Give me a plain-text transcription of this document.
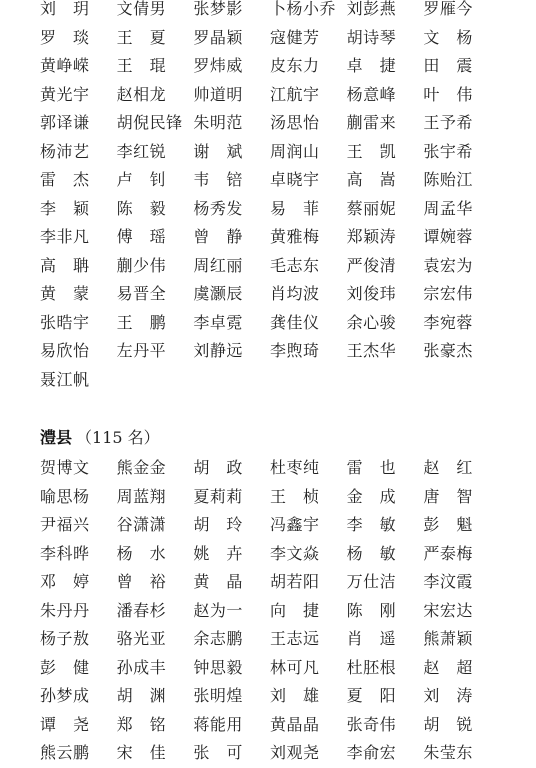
刘　玥	文倩男	张梦影	卜杨小乔 刘彭燕	罗雁今
罗　琰	王　夏	罗晶颖	寇健芳	胡诗琴	文　杨
黄峥嵘	王　琨	罗炜威	皮东力	卓　捷	田　震
黄光宇	赵相龙	帅道明	江航宇	杨意峰	叶　伟
郭译谦	胡倪民锋 朱明范	汤思怡	蒯雷来	王予希
杨沛艺	李红锐	谢　斌	周润山	王　凯	张宇希
雷　杰	卢　钊	韦　锫	卓晓宇	高　嵩	陈贻江
李　颖	陈　毅	杨秀发	易　菲	蔡丽妮	周孟华
李非凡	傅　瑶	曾　静	黄雅梅	郑颖涛	谭婉蓉
高　聃	蒯少伟	周红丽	毛志东	严俊清	袁宏为
黄　蒙	易晋全	虞灏辰	肖均波	刘俊玮	宗宏伟
张晧宇	王　鹏	李卓霓	龚佳仪	余心骏	李宛蓉
易欣怡	左丹平	刘静远	李煦琦	王杰华	张豪杰
聂江帆
澧县 （115 名）
贺博文	熊金金	胡　政	杜枣纯	雷　也	赵　红
喻思杨	周蓝翔	夏莉莉	王　桢	金　成	唐　智
尹福兴	谷潇潇	胡　玲	冯鑫宇	李　敏	彭　魁
李科晔	杨　水	姚　卉	李文焱	杨　敏	严泰梅
邓　婷	曾　裕	黄　晶	胡若阳	万仕洁	李汶霞
朱丹丹	潘春杉	赵为一	向　捷	陈　刚	宋宏达
杨子敖	骆光亚	余志鹏	王志远	肖　遥	熊萧颖
彭　健	孙成丰	钟思毅	林可凡	杜胚根	赵　超
孙梦成	胡　渊	张明煌	刘　雄	夏　阳	刘　涛
谭　尧	郑　铭	蒋能用	黄晶晶	张奇伟	胡　锐
熊云鹏	宋　佳	张　可	刘观尧	李俞宏	朱莹东
